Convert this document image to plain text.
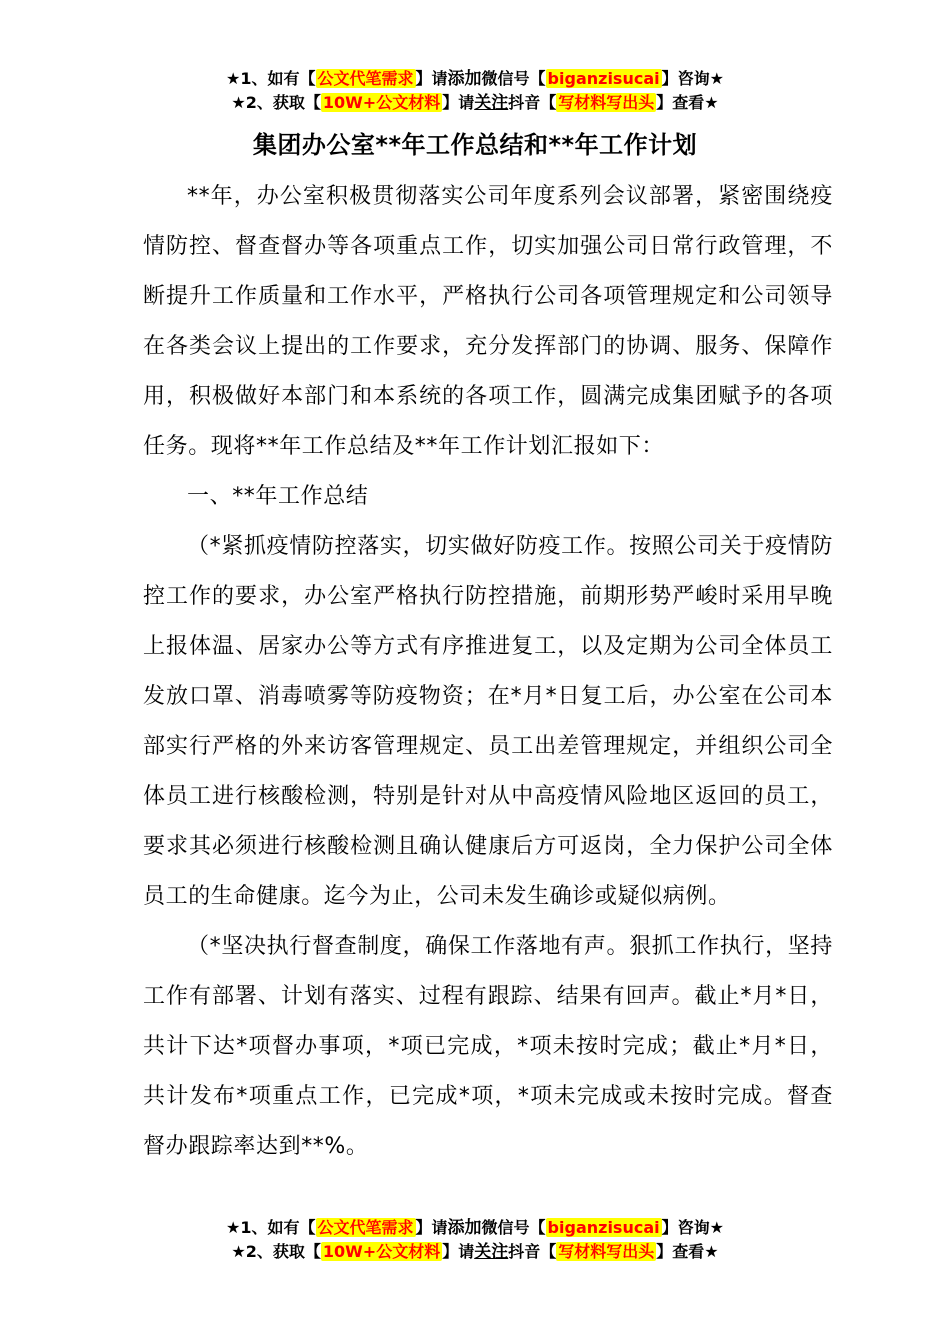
★1、如有【 公文代笔需求 】请添加微信号【 biganzisucai 】咨询★
★2、获取【 10W+公文材料 】请关注抖音【 写材料写出头 】查看★
集团办公室**年工作总结和**年工作计划

**年，办公室积极贯彻落实公司年度系列会议部署，紧密围绕疫情防控、督查督办等各项重点工作，切实加强公司日常行政管理，不断提升工作质量和工作水平，严格执行公司各项管理规定和公司领导在各类会议上提出的工作要求，充分发挥部门的协调、服务、保障作用，积极做好本部门和本系统的各项工作，圆满完成集团赋予的各项任务。现将**年工作总结及**年工作计划汇报如下：

一、**年工作总结

（*紧抓疫情防控落实，切实做好防疫工作。按照公司关于疫情防控工作的要求，办公室严格执行防控措施，前期形势严峻时采用早晚上报体温、居家办公等方式有序推进复工，以及定期为公司全体员工发放口罩、消毒喷雾等防疫物资；在*月*日复工后，办公室在公司本部实行严格的外来访客管理规定、员工出差管理规定，并组织公司全体员工进行核酸检测，特别是针对从中高疫情风险地区返回的员工，要求其必须进行核酸检测且确认健康后方可返岗，全力保护公司全体员工的生命健康。迄今为止，公司未发生确诊或疑似病例。

（*坚决执行督查制度，确保工作落地有声。狠抓工作执行，坚持工作有部署、计划有落实、过程有跟踪、结果有回声。截止*月*日，共计下达*项督办事项，*项已完成，*项未按时完成；截止*月*日，共计发布*项重点工作，已完成*项，*项未完成或未按时完成。督查督办跟踪率达到**%。

★1、如有【 公文代笔需求 】请添加微信号【 biganzisucai 】咨询★
★2、获取【 10W+公文材料 】请关注抖音【 写材料写出头 】查看★
